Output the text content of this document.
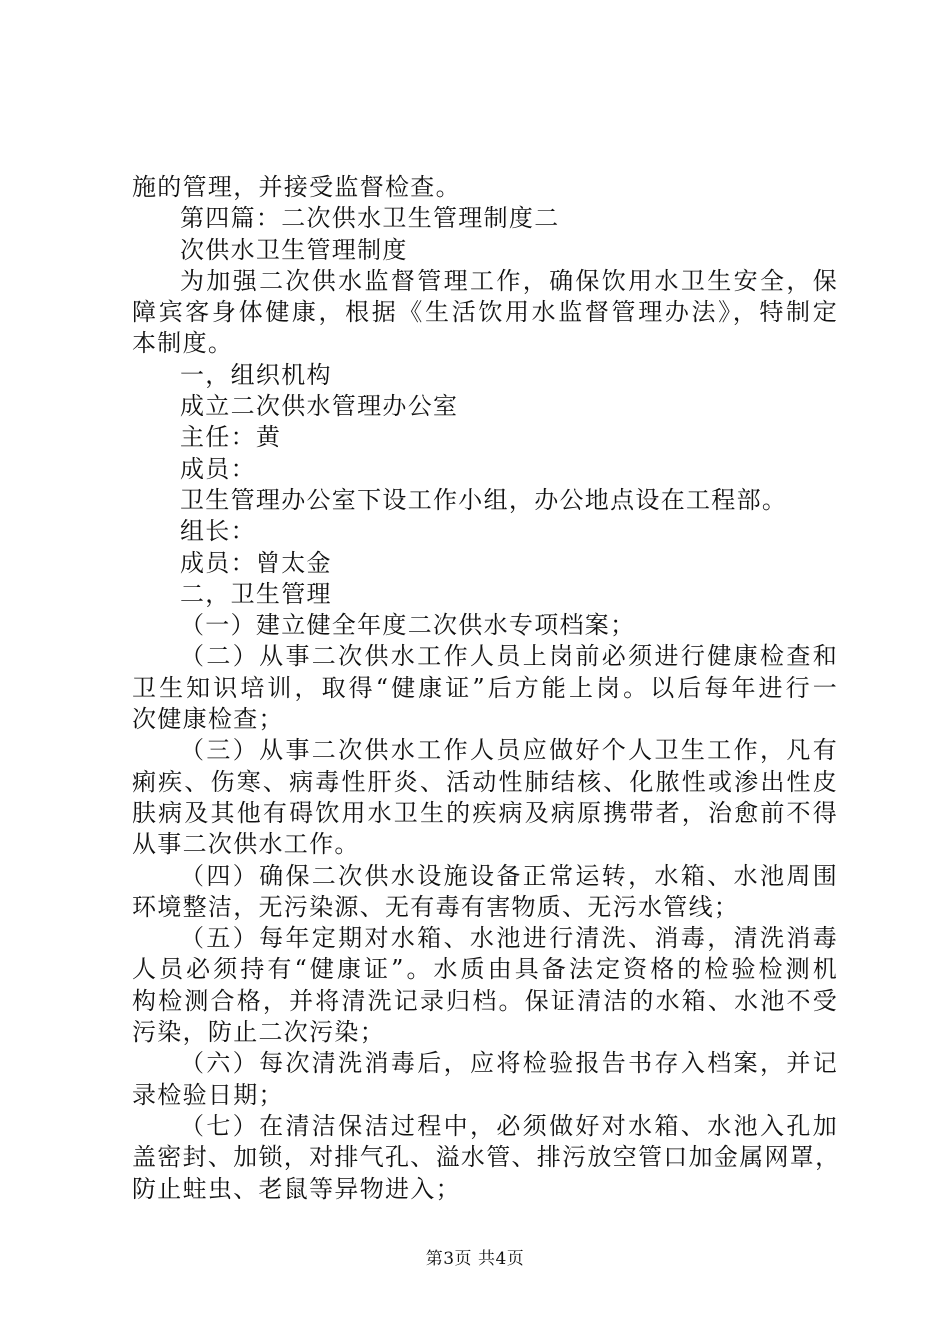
施的管理，并接受监督检查。
第四篇：二次供水卫生管理制度二
次供水卫生管理制度
为加强二次供水监督管理工作，确保饮用水卫生安全，保
障宾客身体健康，根据《生活饮用水监督管理办法》，特制定
本制度。
一，组织机构
成立二次供水管理办公室
主任：黄
成员：
卫生管理办公室下设工作小组，办公地点设在工程部。
组长：
成员：曾太金
二，卫生管理
（一）建立健全年度二次供水专项档案；
（二）从事二次供水工作人员上岗前必须进行健康检查和
卫生知识培训，取得“健康证”后方能上岗。以后每年进行一
次健康检查；
（三）从事二次供水工作人员应做好个人卫生工作，凡有
痢疾、伤寒、病毒性肝炎、活动性肺结核、化脓性或渗出性皮
肤病及其他有碍饮用水卫生的疾病及病原携带者，治愈前不得
从事二次供水工作。
（四）确保二次供水设施设备正常运转，水箱、水池周围
环境整洁，无污染源、无有毒有害物质、无污水管线；
（五）每年定期对水箱、水池进行清洗、消毒，清洗消毒
人员必须持有“健康证”。水质由具备法定资格的检验检测机
构检测合格，并将清洗记录归档。保证清洁的水箱、水池不受
污染，防止二次污染；
（六）每次清洗消毒后，应将检验报告书存入档案，并记
录检验日期；
（七）在清洁保洁过程中，必须做好对水箱、水池入孔加
盖密封、加锁，对排气孔、溢水管、排污放空管口加金属网罩，
防止蛀虫、老鼠等异物进入；
第3页 共4页
